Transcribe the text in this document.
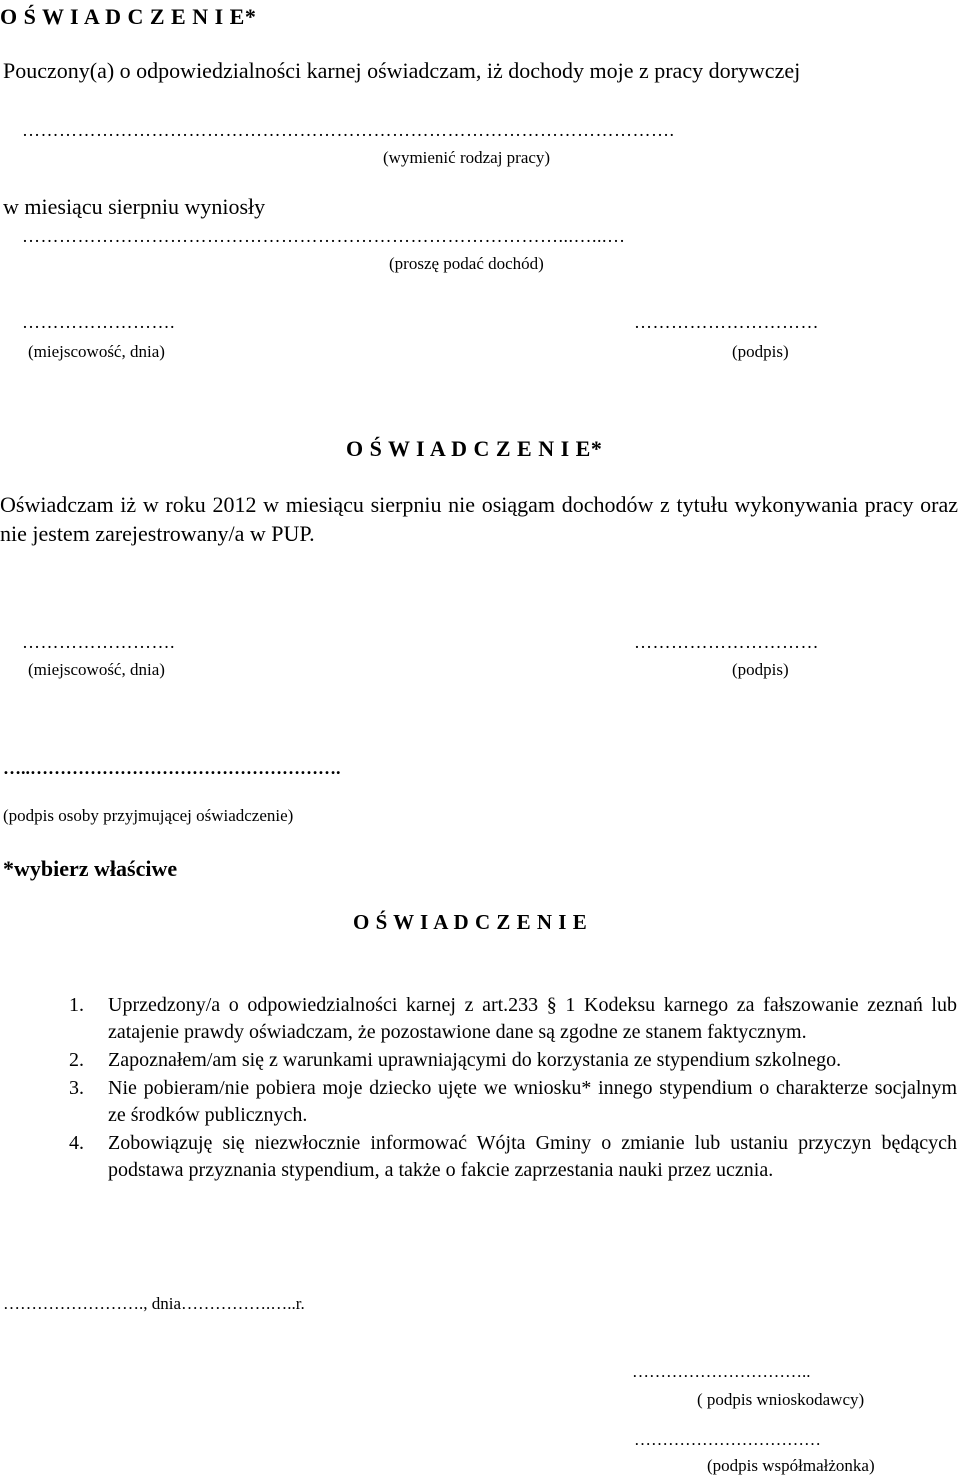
O Ś W I A D C Z E N I E*
Pouczony(a) o odpowiedzialności karnej oświadczam, iż dochody moje z pracy dorywczej
…………………………………………………………………………………………….
(wymienić rodzaj pracy)
w miesiącu sierpniu wyniosły
……………………………………………………………………………...…...…
(proszę podać dochód)
…………………….
(miejscowość, dnia)
…………………………
(podpis)
O Ś W I A D C Z E N I E*
Oświadczam iż w roku 2012 w miesiącu sierpniu nie osiągam dochodów z tytułu wykonywania pracy oraz nie jestem zarejestrowany/a w PUP.
…………………….
(miejscowość, dnia)
…………………………
(podpis)
…..…………………………………………….
(podpis osoby przyjmującej oświadczenie)
*wybierz właściwe
O Ś W I A D C Z E N I E
1. Uprzedzony/a o odpowiedzialności karnej z art.233 § 1 Kodeksu karnego za fałszowanie zeznań lub zatajenie prawdy oświadczam, że pozostawione dane są zgodne ze stanem faktycznym.
2. Zapoznałem/am się z warunkami uprawniającymi do korzystania ze stypendium szkolnego.
3. Nie pobieram/nie pobiera moje dziecko ujęte we wniosku* innego stypendium o charakterze socjalnym ze środków publicznych.
4. Zobowiązuję się niezwłocznie informować Wójta Gminy o zmianie lub ustaniu przyczyn będących podstawa przyznania stypendium, a także o fakcie zaprzestania nauki przez ucznia.
……………………., dnia…………….…..r.
…………………………..
( podpis wnioskodawcy)
……………………………
(podpis współmałżonka)
